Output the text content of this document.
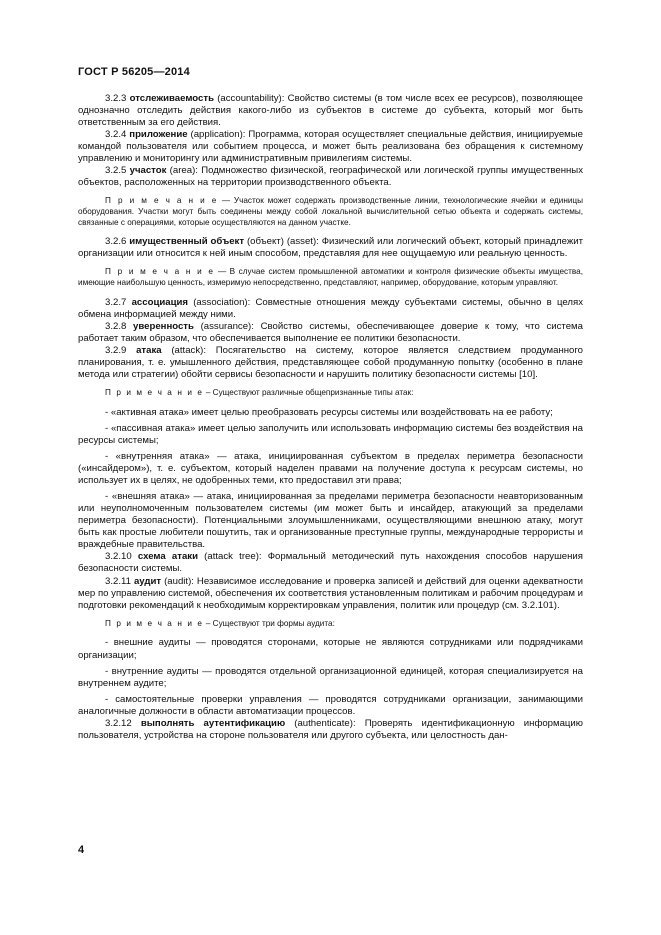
ГОСТ Р 56205—2014

3.2.3 отслеживаемость (accountability): Свойство системы (в том числе всех ее ресурсов), позволяющее однозначно отследить действия какого-либо из субъектов в системе до субъекта, который мог быть ответственным за его действия.

3.2.4 приложение (application): Программа, которая осуществляет специальные действия, инициируемые командой пользователя или событием процесса, и может быть реализована без обращения к системному управлению и мониторингу или административным привилегиям системы.

3.2.5 участок (area): Подмножество физической, географической или логической группы имущественных объектов, расположенных на территории производственного объекта.

П р и м е ч а н и е — Участок может содержать производственные линии, технологические ячейки и единицы оборудования. Участки могут быть соединены между собой локальной вычислительной сетью объекта и содержать системы, связанные с операциями, которые осуществляются на данном участке.

3.2.6 имущественный объект (объект) (asset): Физический или логический объект, который принадлежит организации или относится к ней иным способом, представляя для нее ощущаемую или реальную ценность.

П р и м е ч а н и е — В случае систем промышленной автоматики и контроля физические объекты имущества, имеющие наибольшую ценность, измеримую непосредственно, представляют, например, оборудование, которым управляют.

3.2.7 ассоциация (association): Совместные отношения между субъектами системы, обычно в целях обмена информацией между ними.

3.2.8 уверенность (assurance): Свойство системы, обеспечивающее доверие к тому, что система работает таким образом, что обеспечивается выполнение ее политики безопасности.

3.2.9 атака (attack): Посягательство на систему, которое является следствием продуманного планирования, т. е. умышленного действия, представляющее собой продуманную попытку (особенно в плане метода или стратегии) обойти сервисы безопасности и нарушить политику безопасности системы [10].

П р и м е ч а н и е – Существуют различные общепризнанные типы атак:

- «активная атака» имеет целью преобразовать ресурсы системы или воздействовать на ее работу;

- «пассивная атака» имеет целью заполучить или использовать информацию системы без воздействия на ресурсы системы;

- «внутренняя атака» — атака, инициированная субъектом в пределах периметра безопасности («инсайдером»), т. е. субъектом, который наделен правами на получение доступа к ресурсам системы, но использует их в целях, не одобренных теми, кто предоставил эти права;

- «внешняя атака» — атака, инициированная за пределами периметра безопасности неавторизованным или неуполномоченным пользователем системы (им может быть и инсайдер, атакующий за пределами периметра безопасности). Потенциальными злоумышленниками, осуществляющими внешнюю атаку, могут быть как простые любители пошутить, так и организованные преступные группы, международные террористы и враждебные правительства.

3.2.10 схема атаки (attack tree): Формальный методический путь нахождения способов нарушения безопасности системы.

3.2.11 аудит (audit): Независимое исследование и проверка записей и действий для оценки адекватности мер по управлению системой, обеспечения их соответствия установленным политикам и рабочим процедурам и подготовки рекомендаций к необходимым корректировкам управления, политик или процедур (см. 3.2.101).

П р и м е ч а н и е – Существуют три формы аудита:

- внешние аудиты — проводятся сторонами, которые не являются сотрудниками или подрядчиками организации;

- внутренние аудиты — проводятся отдельной организационной единицей, которая специализируется на внутреннем аудите;

- самостоятельные проверки управления — проводятся сотрудниками организации, занимающими аналогичные должности в области автоматизации процессов.

3.2.12 выполнять аутентификацию (authenticate): Проверять идентификационную информацию пользователя, устройства на стороне пользователя или другого субъекта, или целостность дан-

4
